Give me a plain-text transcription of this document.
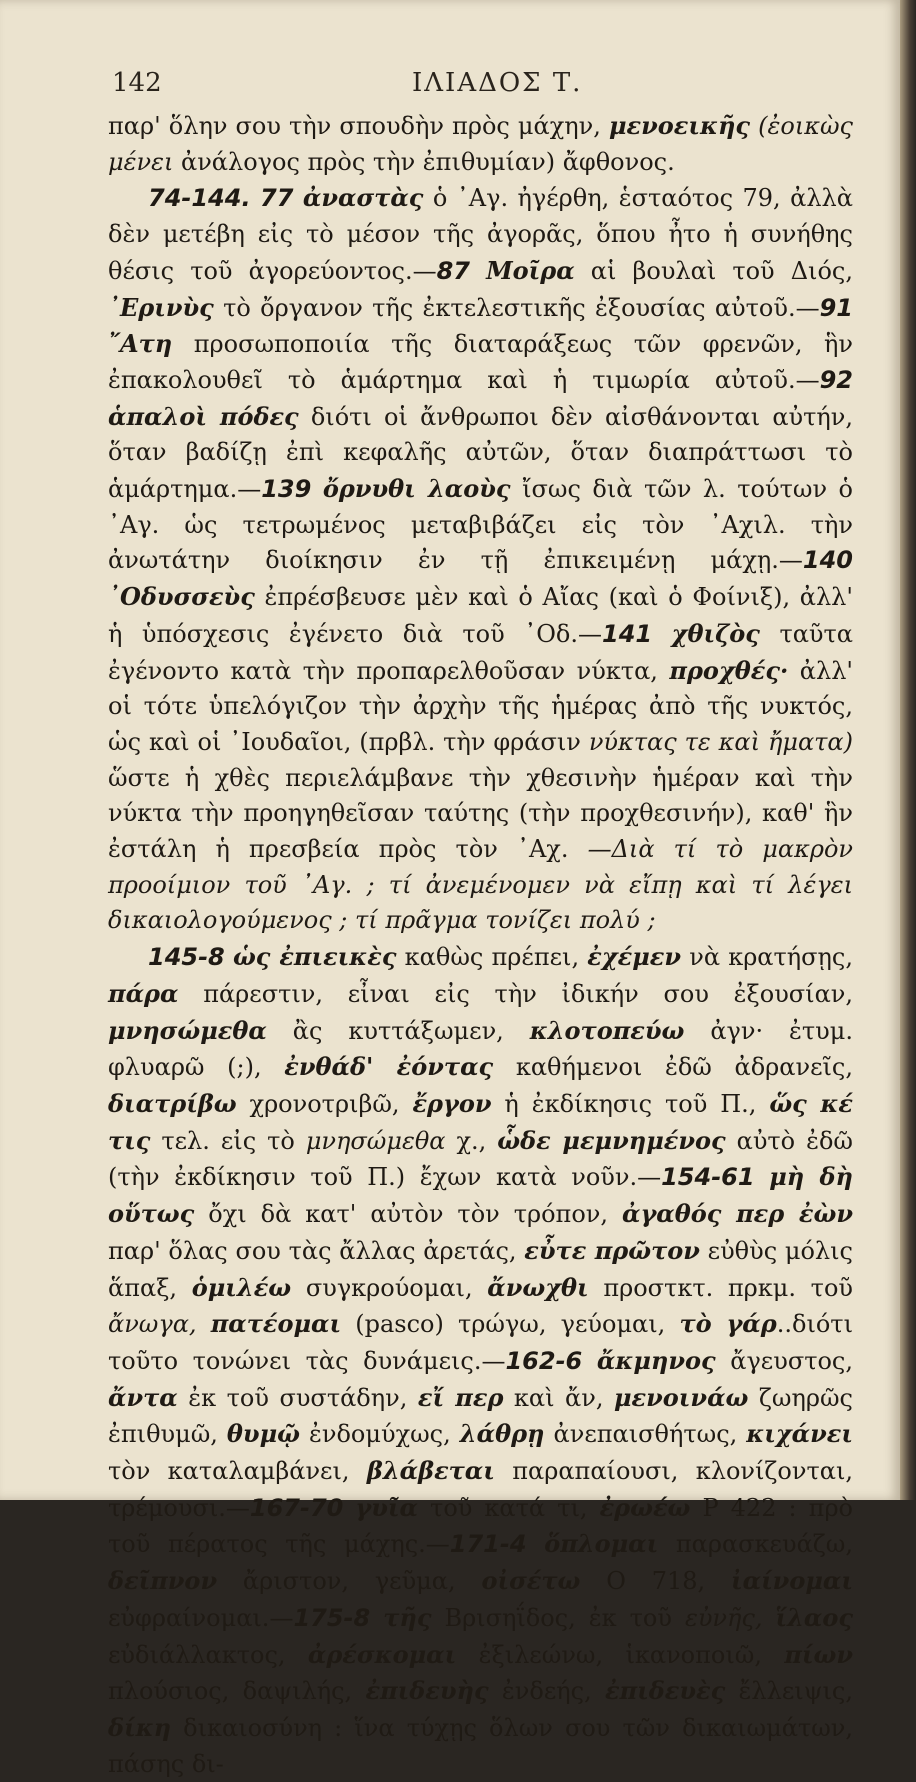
142	ΙΛΙΑΔΟΣ Τ.

παρ' ὅλην σου τὴν σπουδὴν πρὸς μάχην, μενοεικῆς (ἐοικὼς μένει ἀνάλογος πρὸς τὴν ἐπιθυμίαν) ἄφθονος.

74-144. 77 ἀναστὰς ὁ ᾽Αγ. ἠγέρθη, ἑσταότος 79, ἀλλὰ δὲν μετέβη εἰς τὸ μέσον τῆς ἀγορᾶς, ὅπου ἦτο ἡ συνήθης θέσις τοῦ ἀγορεύοντος.—87 Μοῖρα αἱ βουλαὶ τοῦ Διός, ᾽Ερινὺς τὸ ὄργανον τῆς ἐκτελεστικῆς ἐξουσίας αὐτοῦ.—91 ῎Ατη προσωποποιία τῆς διαταράξεως τῶν φρενῶν, ἣν ἐπακολουθεῖ τὸ ἁμάρτημα καὶ ἡ τιμωρία αὐτοῦ.—92 ἁπαλοὶ πόδες διότι οἱ ἄνθρωποι δὲν αἰσθάνονται αὐτήν, ὅταν βαδίζῃ ἐπὶ κεφαλῆς αὐτῶν, ὅταν διαπράττωσι τὸ ἁμάρτημα.—139 ὄρνυθι λαοὺς ἴσως διὰ τῶν λ. τούτων ὁ ᾽Αγ. ὡς τετρωμένος μεταβιβάζει εἰς τὸν ᾽Αχιλ. τὴν ἀνωτάτην διοίκησιν ἐν τῇ ἐπικειμένῃ μάχῃ.—140 ᾽Οδυσσεὺς ἐπρέσβευσε μὲν καὶ ὁ Αἴας (καὶ ὁ Φοίνιξ), ἀλλ' ἡ ὑπόσχεσις ἐγένετο διὰ τοῦ ᾽Οδ.—141 χθιζὸς ταῦτα ἐγένοντο κατὰ τὴν προπαρελθοῦσαν νύκτα, προχθές· ἀλλ' οἱ τότε ὑπελόγιζον τὴν ἀρχὴν τῆς ἡμέρας ἀπὸ τῆς νυκτός, ὡς καὶ οἱ ᾽Ιουδαῖοι, (πρβλ. τὴν φράσιν νύκτας τε καὶ ἤματα) ὥστε ἡ χθὲς περιελάμβανε τὴν χθεσινὴν ἡμέραν καὶ τὴν νύκτα τὴν προηγηθεῖσαν ταύτης (τὴν προχθεσινήν), καθ' ἣν ἐστάλη ἡ πρεσβεία πρὸς τὸν ᾽Αχ. —Διὰ τί τὸ μακρὸν προοίμιον τοῦ ᾽Αγ. ; τί ἀνεμένομεν νὰ εἴπῃ καὶ τί λέγει δικαιολογούμενος ; τί πρᾶγμα τονίζει πολύ ;

145-8 ὡς ἐπιεικὲς καθὼς πρέπει, ἐχέμεν νὰ κρατήσῃς, πάρα πάρεστιν, εἶναι εἰς τὴν ἰδικήν σου ἐξουσίαν, μνησώμεθα ἂς κυττάξωμεν, κλοτοπεύω ἀγν· ἐτυμ. φλυαρῶ (;), ἐνθάδ' ἐόντας καθήμενοι ἐδῶ ἀδρανεῖς, διατρίβω χρονοτριβῶ, ἔργον ἡ ἐκδίκησις τοῦ Π., ὥς κέ τις τελ. εἰς τὸ μνησώμεθα χ., ὧδε μεμνημένος αὐτὸ ἐδῶ (τὴν ἐκδίκησιν τοῦ Π.) ἔχων κατὰ νοῦν.—154-61 μὴ δὴ οὕτως ὄχι δὰ κατ' αὐτὸν τὸν τρόπον, ἀγαθός περ ἐὼν παρ' ὅλας σου τὰς ἄλλας ἀρετάς, εὖτε πρῶτον εὐθὺς μόλις ἅπαξ, ὁμιλέω συγκρούομαι, ἄνωχθι προστκτ. πρκμ. τοῦ ἄνωγα, πατέομαι (pasco) τρώγω, γεύομαι, τὸ γάρ..διότι τοῦτο τονώνει τὰς δυνάμεις.—162-6 ἄκμηνος ἄγευστος, ἄντα ἐκ τοῦ συστάδην, εἴ περ καὶ ἄν, μενοινάω ζωηρῶς ἐπιθυμῶ, θυμῷ ἐνδομύχως, λάθρῃ ἀνεπαισθήτως, κιχάνει τὸν καταλαμβάνει, βλάβεται παραπαίουσι, κλονίζονται, τρέμουσι.—167-70 γυῖα τοῦ κατά τι, ἐρωέω Ρ 422 : πρὸ τοῦ πέρατος τῆς μάχης.—171-4 ὅπλομαι παρασκευάζω, δεῖπνον ἄριστον, γεῦμα, οἰσέτω Ο 718, ἰαίνομαι εὐφραίνομαι.—175-8 τῆς Βρισηΐδος, ἐκ τοῦ εὐνῆς, ἵλαος εὐδιάλλακτος, ἀρέσκομαι ἐξιλεώνω, ἱκανοποιῶ, πίων πλούσιος, δαψιλής, ἐπιδευὴς ἐνδεής, ἐπιδευὲς ἔλλειψις, δίκη δικαιοσύνη : ἵνα τύχῃς ὅλων σου τῶν δικαιωμάτων, πάσης δι-
